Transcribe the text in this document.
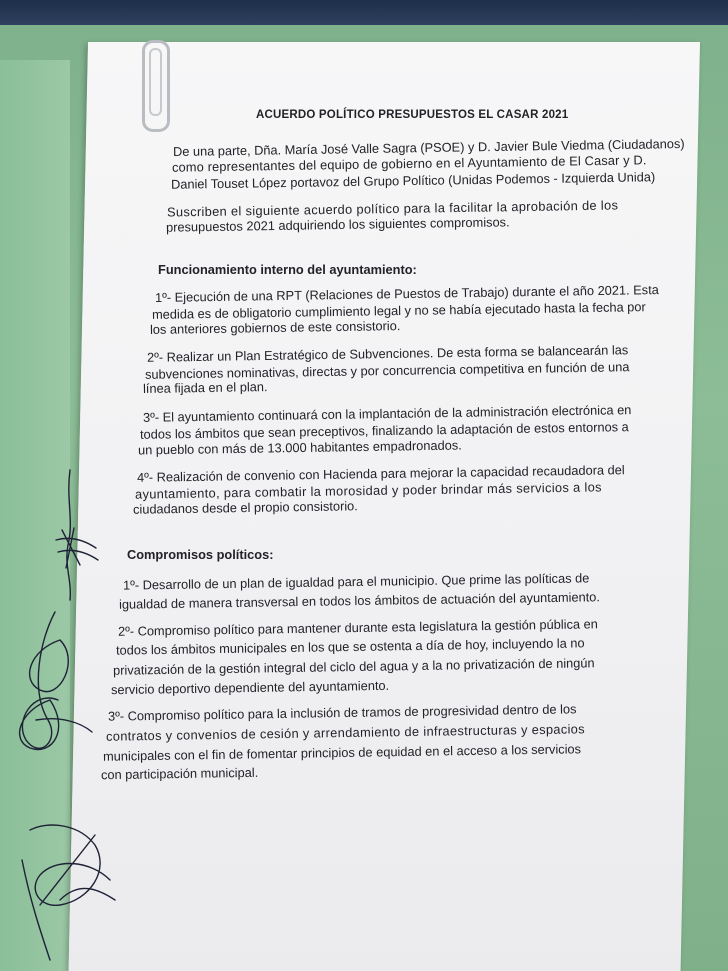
ACUERDO POLÍTICO PRESUPUESTOS EL CASAR 2021
De una parte, Dña. María José Valle Sagra (PSOE) y D. Javier Bule Viedma (Ciudadanos)
como representantes del equipo de gobierno en el Ayuntamiento de El Casar y D.
Daniel Touset López portavoz del Grupo Político (Unidas Podemos - Izquierda Unida)
Suscriben el siguiente acuerdo político para la facilitar la aprobación de los
presupuestos 2021 adquiriendo los siguientes compromisos.
Funcionamiento interno del ayuntamiento:
1º- Ejecución de una RPT (Relaciones de Puestos de Trabajo) durante el año 2021. Esta
medida es de obligatorio cumplimiento legal y no se había ejecutado hasta la fecha por
los anteriores gobiernos de este consistorio.
2º- Realizar un Plan Estratégico de Subvenciones. De esta forma se balancearán las
subvenciones nominativas, directas y por concurrencia competitiva en función de una
línea fijada en el plan.
3º- El ayuntamiento continuará con la implantación de la administración electrónica en
todos los ámbitos que sean preceptivos, finalizando la adaptación de estos entornos a
un pueblo con más de 13.000 habitantes empadronados.
4º- Realización de convenio con Hacienda para mejorar la capacidad recaudadora del
ayuntamiento, para combatir la morosidad y poder brindar más servicios a los
ciudadanos desde el propio consistorio.
Compromisos políticos:
1º- Desarrollo de un plan de igualdad para el municipio. Que prime las políticas de
igualdad de manera transversal en todos los ámbitos de actuación del ayuntamiento.
2º- Compromiso político para mantener durante esta legislatura la gestión pública en
todos los ámbitos municipales en los que se ostenta a día de hoy, incluyendo la no
privatización de la gestión integral del ciclo del agua y a la no privatización de ningún
servicio deportivo dependiente del ayuntamiento.
3º- Compromiso político para la inclusión de tramos de progresividad dentro de los
contratos y convenios de cesión y arrendamiento de infraestructuras y espacios
municipales con el fin de fomentar principios de equidad en el acceso a los servicios
con participación municipal.
